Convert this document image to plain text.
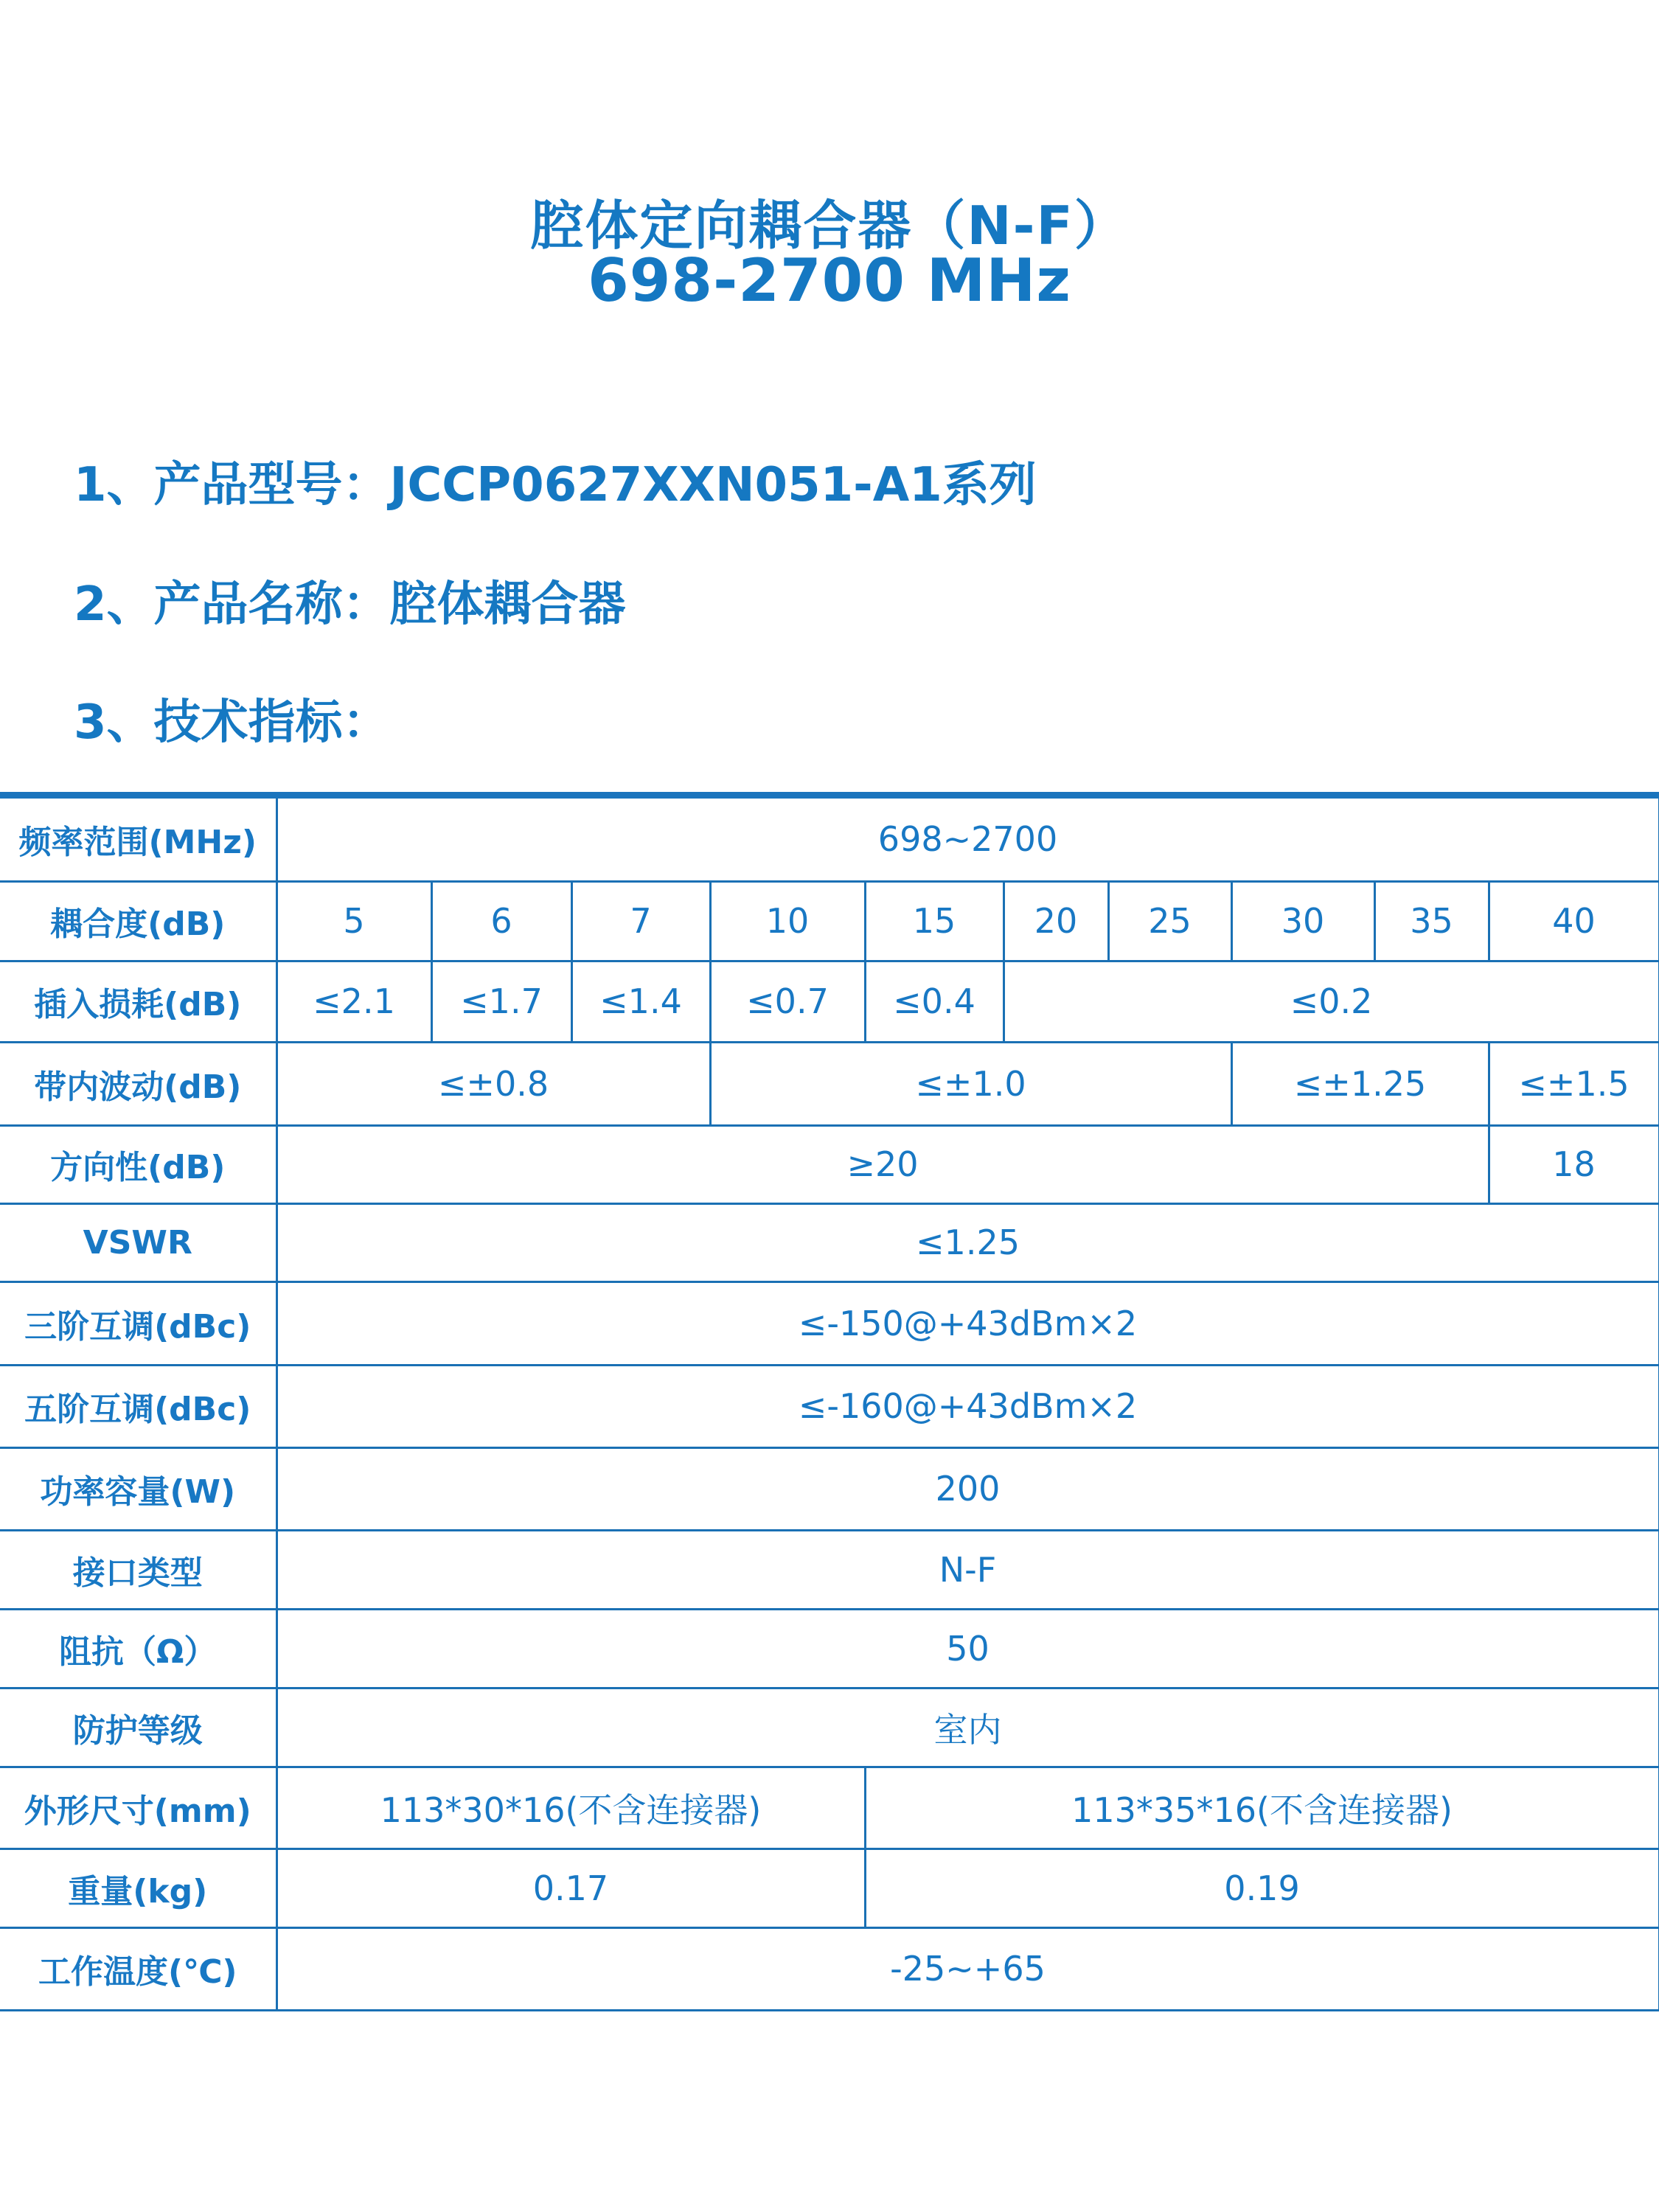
腔体定向耦合器（N-F）
698-2700 MHz
1、产品型号：JCCP0627XXN051-A1系列
2、产品名称：腔体耦合器
3、技术指标：
频率范围(MHz)	698~2700									
耦合度(dB)	5	6	7	10	15	20	25	30	35	40
插入损耗(dB)	≤2.1	≤1.7	≤1.4	≤0.7	≤0.4	≤0.2				
带内波动(dB)	≤±0.8			≤±1.0				≤±1.25		≤±1.5
方向性(dB)	≥20									18
VSWR	≤1.25									
三阶互调(dBc)	≤-150@+43dBm×2									
五阶互调(dBc)	≤-160@+43dBm×2									
功率容量(W)	200									
接口类型	N-F									
阻抗（Ω）	50									
防护等级	室内									
外形尺寸(mm)	113*30*16(不含连接器)				113*35*16(不含连接器)					
重量(kg)	0.17				0.19					
工作温度(℃)	-25~+65									
